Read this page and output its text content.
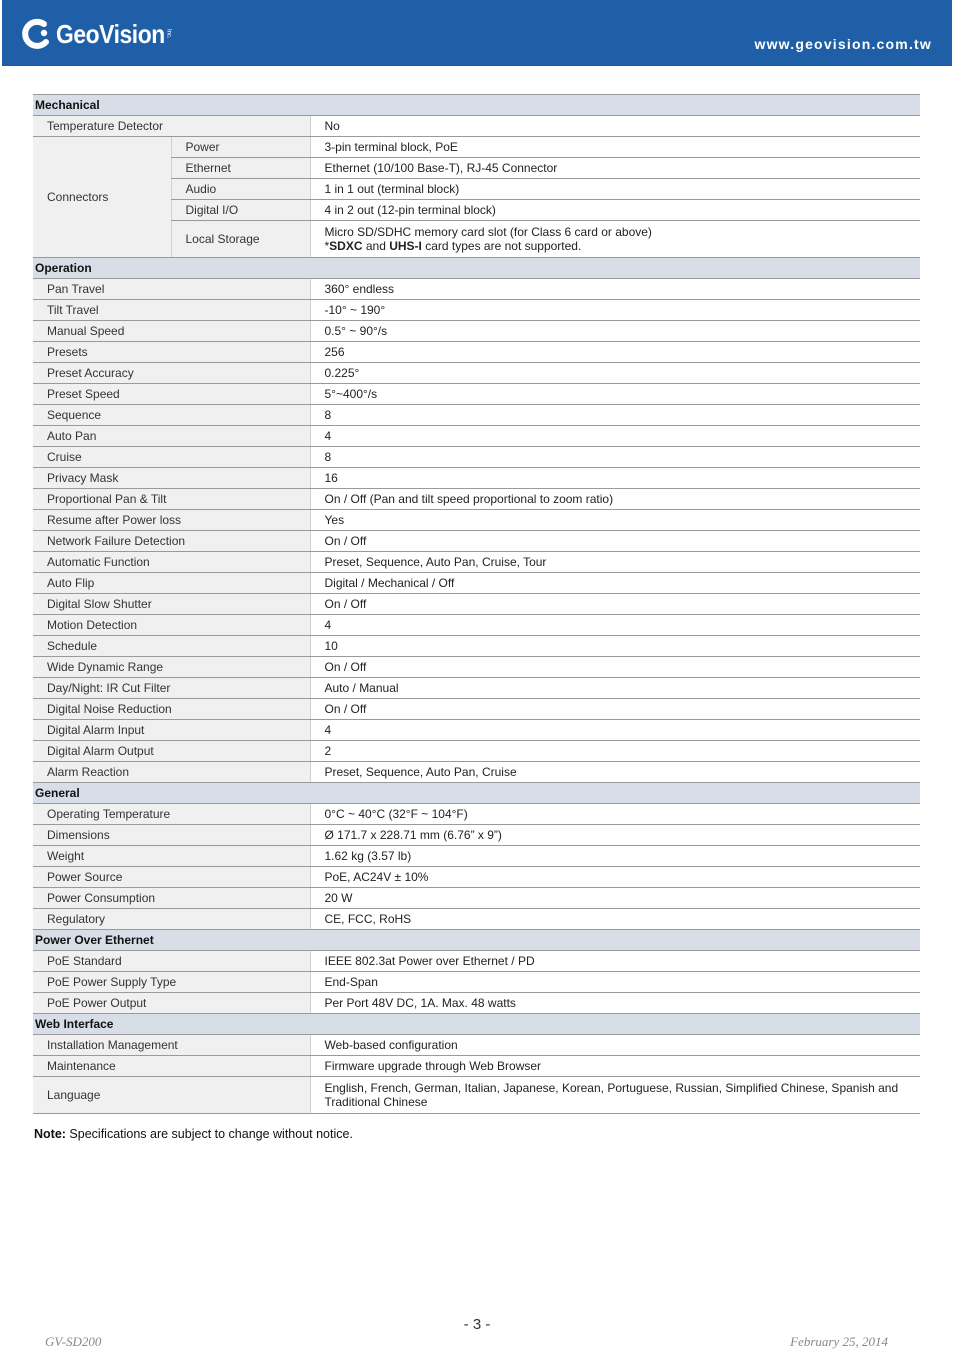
GeoVision Inc.
www.geovision.com.tw
Mechanical		
Temperature Detector		No
Connectors	Power	3-pin terminal block, PoE

	Ethernet	Ethernet (10/100 Base-T), RJ-45 Connector

	Audio	1 in 1 out (terminal block)

	Digital I/O	4 in 2 out (12-pin terminal block)

	Local Storage	Micro SD/SDHC memory card slot (for Class 6 card or above)
*SDXC and UHS-I card types are not supported.

Operation		
Pan Travel		360° endless
Tilt Travel		-10° ~ 190°
Manual Speed		0.5° ~ 90°/s
Presets		256
Preset Accuracy		0.225°
Preset Speed		5°~400°/s
Sequence		8
Auto Pan		4
Cruise		8
Privacy Mask		16
Proportional Pan & Tilt		On / Off (Pan and tilt speed proportional to zoom ratio)
Resume after Power loss		Yes
Network Failure Detection		On / Off
Automatic Function		Preset, Sequence, Auto Pan, Cruise, Tour
Auto Flip		Digital / Mechanical / Off
Digital Slow Shutter		On / Off
Motion Detection		4
Schedule		10
Wide Dynamic Range		On / Off
Day/Night: IR Cut Filter		Auto / Manual
Digital Noise Reduction		On / Off
Digital Alarm Input		4
Digital Alarm Output		2
Alarm Reaction		Preset, Sequence, Auto Pan, Cruise
General		
Operating Temperature		0°C ~ 40°C (32°F ~ 104°F)
Dimensions		Ø 171.7 x 228.71 mm (6.76” x 9”)
Weight		1.62 kg (3.57 lb)
Power Source		PoE, AC24V ± 10%
Power Consumption		20 W
Regulatory		CE, FCC, RoHS
Power Over Ethernet		
PoE Standard		IEEE 802.3at Power over Ethernet / PD
PoE Power Supply Type		End-Span
PoE Power Output		Per Port 48V DC, 1A. Max. 48 watts
Web Interface		
Installation Management		Web-based configuration
Maintenance		Firmware upgrade through Web Browser
Language		English, French, German, Italian, Japanese, Korean, Portuguese, Russian, Simplified Chinese, Spanish and Traditional Chinese
Note: Specifications are subject to change without notice.
- 3 -
GV-SD200	February 25, 2014
